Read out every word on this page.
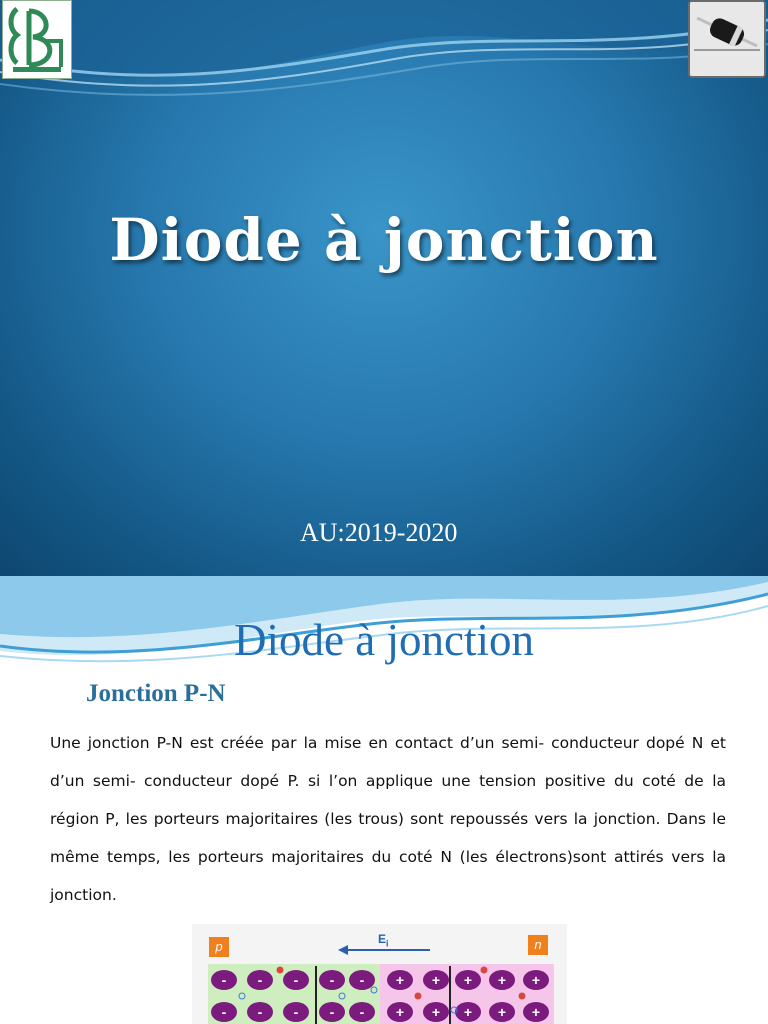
Diode à jonction
AU:2019-2020
Diode à jonction
Jonction P-N
Une jonction P-N est créée par la mise en contact d’un semi- conducteur dopé N et d’un semi- conducteur dopé P. si l’on applique une tension positive du coté de la région P, les porteurs majoritaires (les trous) sont repoussés vers la jonction. Dans le même temps, les porteurs majoritaires du coté N (les électrons)sont attirés vers la jonction.
p	n
$E_i$
-
-
-
-
-
-
-
-
-
-
+
+
+
+
+
+
+
+
+
+
